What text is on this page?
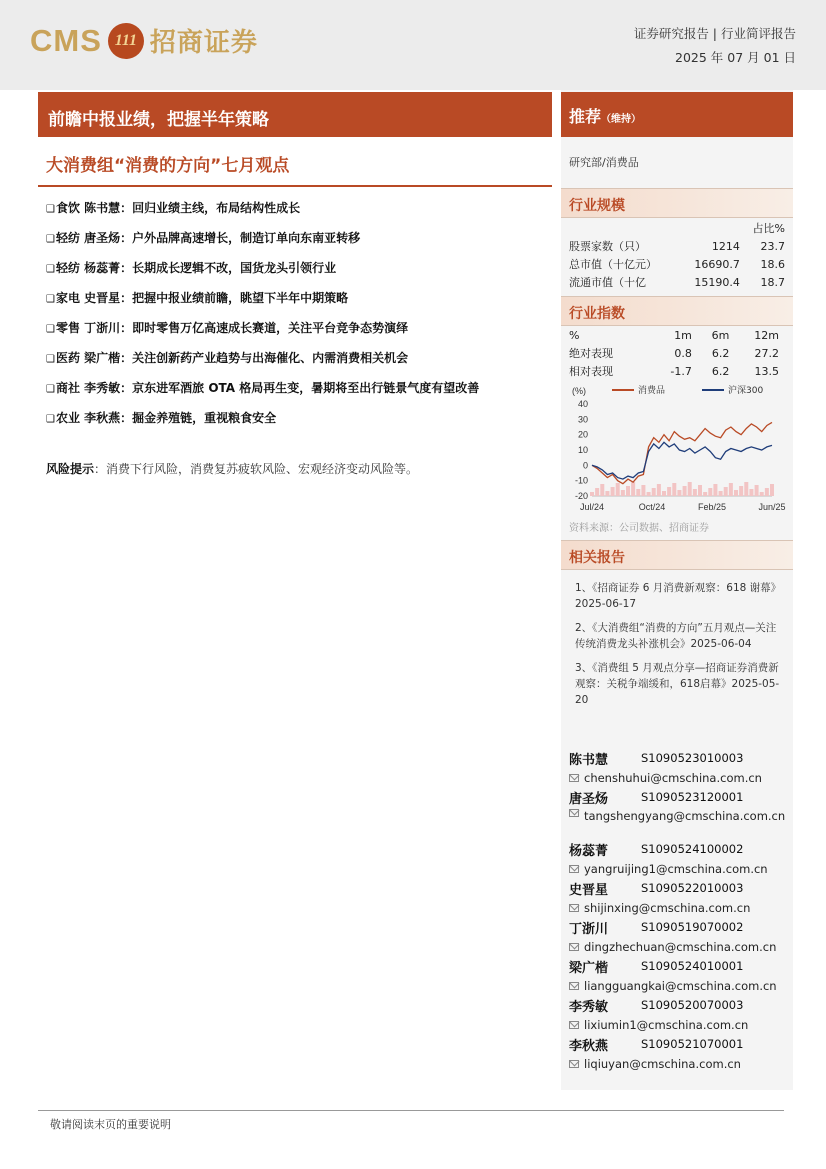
CMS 111 招商证券	证券研究报告 | 行业简评报告
2025 年 07 月 01 日
前瞻中报业绩，把握半年策略
大消费组“消费的方向”七月观点
❑食饮 陈书慧：回归业绩主线，布局结构性成长
❑轻纺 唐圣炀：户外品牌高速增长，制造订单向东南亚转移
❑轻纺 杨蕊菁：长期成长逻辑不改，国货龙头引领行业
❑家电 史晋星：把握中报业绩前瞻，眺望下半年中期策略
❑零售 丁浙川：即时零售万亿高速成长赛道，关注平台竞争态势演绎
❑医药 梁广楷：关注创新药产业趋势与出海催化、内需消费相关机会
❑商社 李秀敏：京东进军酒旅 OTA 格局再生变，暑期将至出行链景气度有望改善
❑农业 李秋燕：掘金养殖链，重视粮食安全
风险提示：消费下行风险，消费复苏疲软风险、宏观经济变动风险等。
推荐（维持）
研究部/消费品
行业规模
		占比%
股票家数（只）	1214	23.7
总市值（十亿元）	16690.7	18.6
流通市值（十亿	15190.4	18.7
行业指数
%	1m	6m	12m
绝对表现	0.8	6.2	27.2
相对表现	-1.7	6.2	13.5
-20
-10
0
10
20
30
40
(%)	消费品	沪深300
Jul/24	Oct/24	Feb/25	Jun/25
资料来源：公司数据、招商证券
相关报告
1、《招商证券 6 月消费新观察：618 谢幕》2025-06-17
2、《大消费组“消费的方向”五月观点—关注传统消费龙头补涨机会》2025-06-04
3、《消费组 5 月观点分享—招商证券消费新观察：关税争端缓和，618启幕》2025-05-20
陈书慧	S1090523010003
chenshuhui@cmschina.com.cn
唐圣炀	S1090523120001
tangshengyang@cmschina.com.cn
杨蕊菁	S1090524100002
yangruijing1@cmschina.com.cn
史晋星	S1090522010003
shijinxing@cmschina.com.cn
丁浙川	S1090519070002
dingzhechuan@cmschina.com.cn
梁广楷	S1090524010001
liangguangkai@cmschina.com.cn
李秀敏	S1090520070003
lixiumin1@cmschina.com.cn
李秋燕	S1090521070001
liqiuyan@cmschina.com.cn
敬请阅读末页的重要说明
